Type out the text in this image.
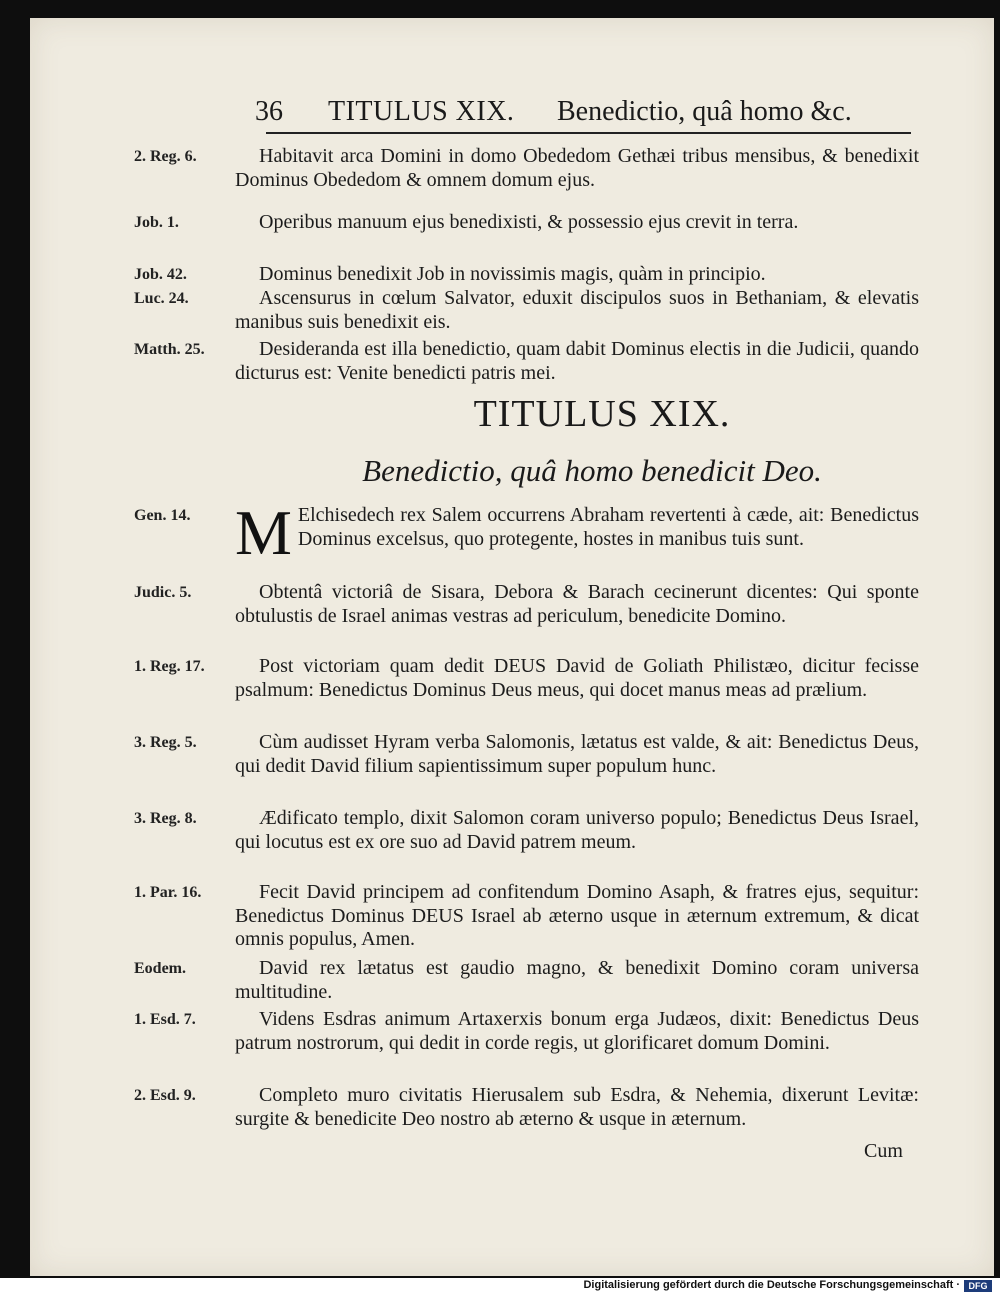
36 TITULUS XIX. Benedictio, quâ homo &c.
2. Reg. 6.	Habitavit arca Domini in domo Obededom Gethæi tribus mensibus, & benedixit Dominus Obededom & omnem domum ejus.
Job. 1.	Operibus manuum ejus benedixisti, & possessio ejus crevit in terra.
Job. 42.	Dominus benedixit Job in novissimis magis, quàm in principio.
Luc. 24.	Ascensurus in cœlum Salvator, eduxit discipulos suos in Bethaniam, & elevatis manibus suis benedixit eis.
Matth. 25.	Desideranda est illa benedictio, quam dabit Dominus electis in die Judicii, quando dicturus est: Venite benedicti patris mei.
TITULUS XIX.
Benedictio, quâ homo benedicit Deo.
Gen. 14. M Elchisedech rex Salem occurrens Abraham revertenti à cæde, ait: Benedictus Dominus excelsus, quo protegente, hostes in manibus tuis sunt.
Judic. 5.	Obtentâ victoriâ de Sisara, Debora & Barach cecinerunt dicentes: Qui sponte obtulustis de Israel animas vestras ad periculum, benedicite Domino.
1. Reg. 17.	Post victoriam quam dedit DEUS David de Goliath Philistæo, dicitur fecisse psalmum: Benedictus Dominus Deus meus, qui docet manus meas ad prælium.
3. Reg. 5.	Cùm audisset Hyram verba Salomonis, lætatus est valde, & ait: Benedictus Deus, qui dedit David filium sapientissimum super populum hunc.
3. Reg. 8.	Ædificato templo, dixit Salomon coram universo populo; Benedictus Deus Israel, qui locutus est ex ore suo ad David patrem meum.
1. Par. 16.	Fecit David principem ad confitendum Domino Asaph, & fratres ejus, sequitur: Benedictus Dominus DEUS Israel ab æterno usque in æternum extremum, & dicat omnis populus, Amen.
Eodem.	David rex lætatus est gaudio magno, & benedixit Domino coram universa multitudine.
1. Esd. 7.	Videns Esdras animum Artaxerxis bonum erga Judæos, dixit: Benedictus Deus patrum nostrorum, qui dedit in corde regis, ut glorificaret domum Domini.
2. Esd. 9.	Completo muro civitatis Hierusalem sub Esdra, & Nehemia, dixerunt Levitæ: surgite & benedicite Deo nostro ab æterno & usque in æternum.
Cum
Digitalisierung gefördert durch die Deutsche Forschungsgemeinschaft · DFG
